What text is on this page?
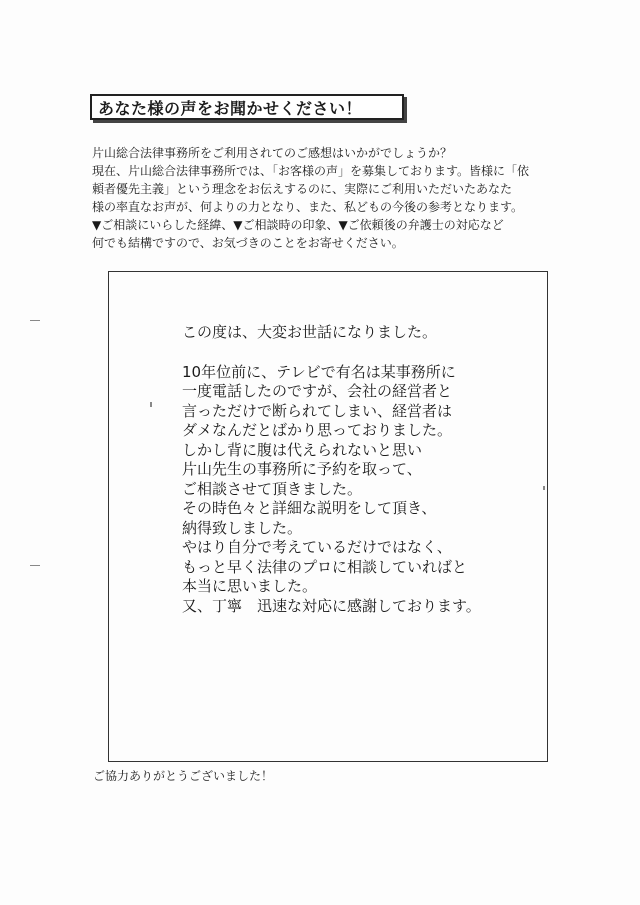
あなた様の声をお聞かせください！

片山総合法律事務所をご利用されてのご感想はいかがでしょうか？

現在、片山総合法律事務所では、「お客様の声」を募集しております。皆様に「依

頼者優先主義」という理念をお伝えするのに、実際にご利用いただいたあなた

様の率直なお声が、何よりの力となり、また、私どもの今後の参考となります。

▼ご相談にいらした経緯、▼ご相談時の印象、▼ご依頼後の弁護士の対応など

何でも結構ですので、お気づきのことをお寄せください。

この度は、大変お世話になりました。

10年位前に、テレビで有名は某事務所に

一度電話したのですが、会社の経営者と

言っただけで断られてしまい、経営者は

ダメなんだとばかり思っておりました。

しかし背に腹は代えられないと思い

片山先生の事務所に予約を取って、

ご相談させて頂きました。

その時色々と詳細な説明をして頂き、

納得致しました。

やはり自分で考えているだけではなく、

もっと早く法律のプロに相談していればと

本当に思いました。

又、丁寧　迅速な対応に感謝しております。

ご協力ありがとうございました！
